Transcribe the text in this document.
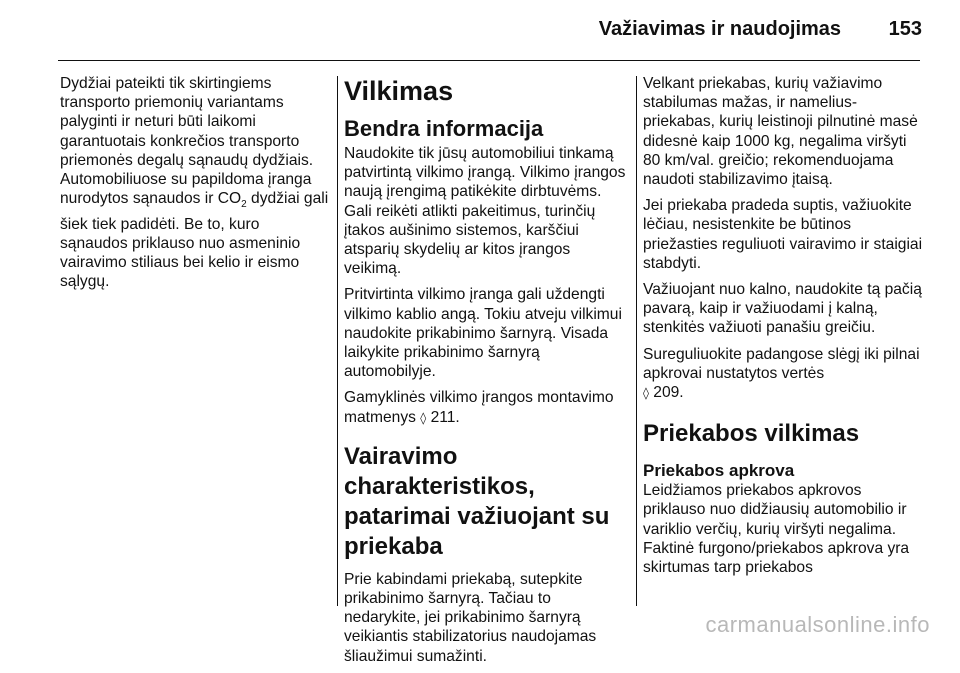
Važiavimas ir naudojimas 153

Dydžiai pateikti tik skirtingiems transporto priemonių variantams palyginti ir neturi būti laikomi garantuotais konkrečios transporto priemonės degalų sąnaudų dydžiais. Automobiliuose su papildoma įranga nurodytos sąnaudos ir $CO_2$ dydžiai gali šiek tiek padidėti. Be to, kuro sąnaudos priklauso nuo asmeninio vairavimo stiliaus bei kelio ir eismo sąlygų.

Vilkimas
Bendra informacija

Naudokite tik jūsų automobiliui tinkamą patvirtintą vilkimo įrangą. Vilkimo įrangos naują įrengimą patikėkite dirbtuvėms. Gali reikėti atlikti pakeitimus, turinčių įtakos aušinimo sistemos, karščiui atsparių skydelių ar kitos įrangos veikimą.

Pritvirtinta vilkimo įranga gali uždengti vilkimo kablio angą. Tokiu atveju vilkimui naudokite prikabinimo šarnyrą. Visada laikykite prikabinimo šarnyrą automobilyje.

Gamyklinės vilkimo įrangos montavimo matmenys ◊ 211.

Vairavimo charakteristikos, patarimai važiuojant su priekaba

Prie kabindami priekabą, sutepkite prikabinimo šarnyrą. Tačiau to nedarykite, jei prikabinimo šarnyrą veikiantis stabilizatorius naudojamas šliaužimui sumažinti.

Velkant priekabas, kurių važiavimo stabilumas mažas, ir namelius-priekabas, kurių leistinoji pilnutinė masė didesnė kaip 1000 kg, negalima viršyti 80 km/val. greičio; rekomenduojama naudoti stabilizavimo įtaisą.

Jei priekaba pradeda suptis, važiuokite lėčiau, nesistenkite be būtinos priežasties reguliuoti vairavimo ir staigiai stabdyti.

Važiuojant nuo kalno, naudokite tą pačią pavarą, kaip ir važiuodami į kalną, stenkitės važiuoti panašiu greičiu.

Sureguliuokite padangose slėgį iki pilnai apkrovai nustatytos vertės
◊ 209.

Priekabos vilkimas
Priekabos apkrova

Leidžiamos priekabos apkrovos priklauso nuo didžiausių automobilio ir variklio verčių, kurių viršyti negalima. Faktinė furgono/priekabos apkrova yra skirtumas tarp priekabos

carmanualsonline.info
